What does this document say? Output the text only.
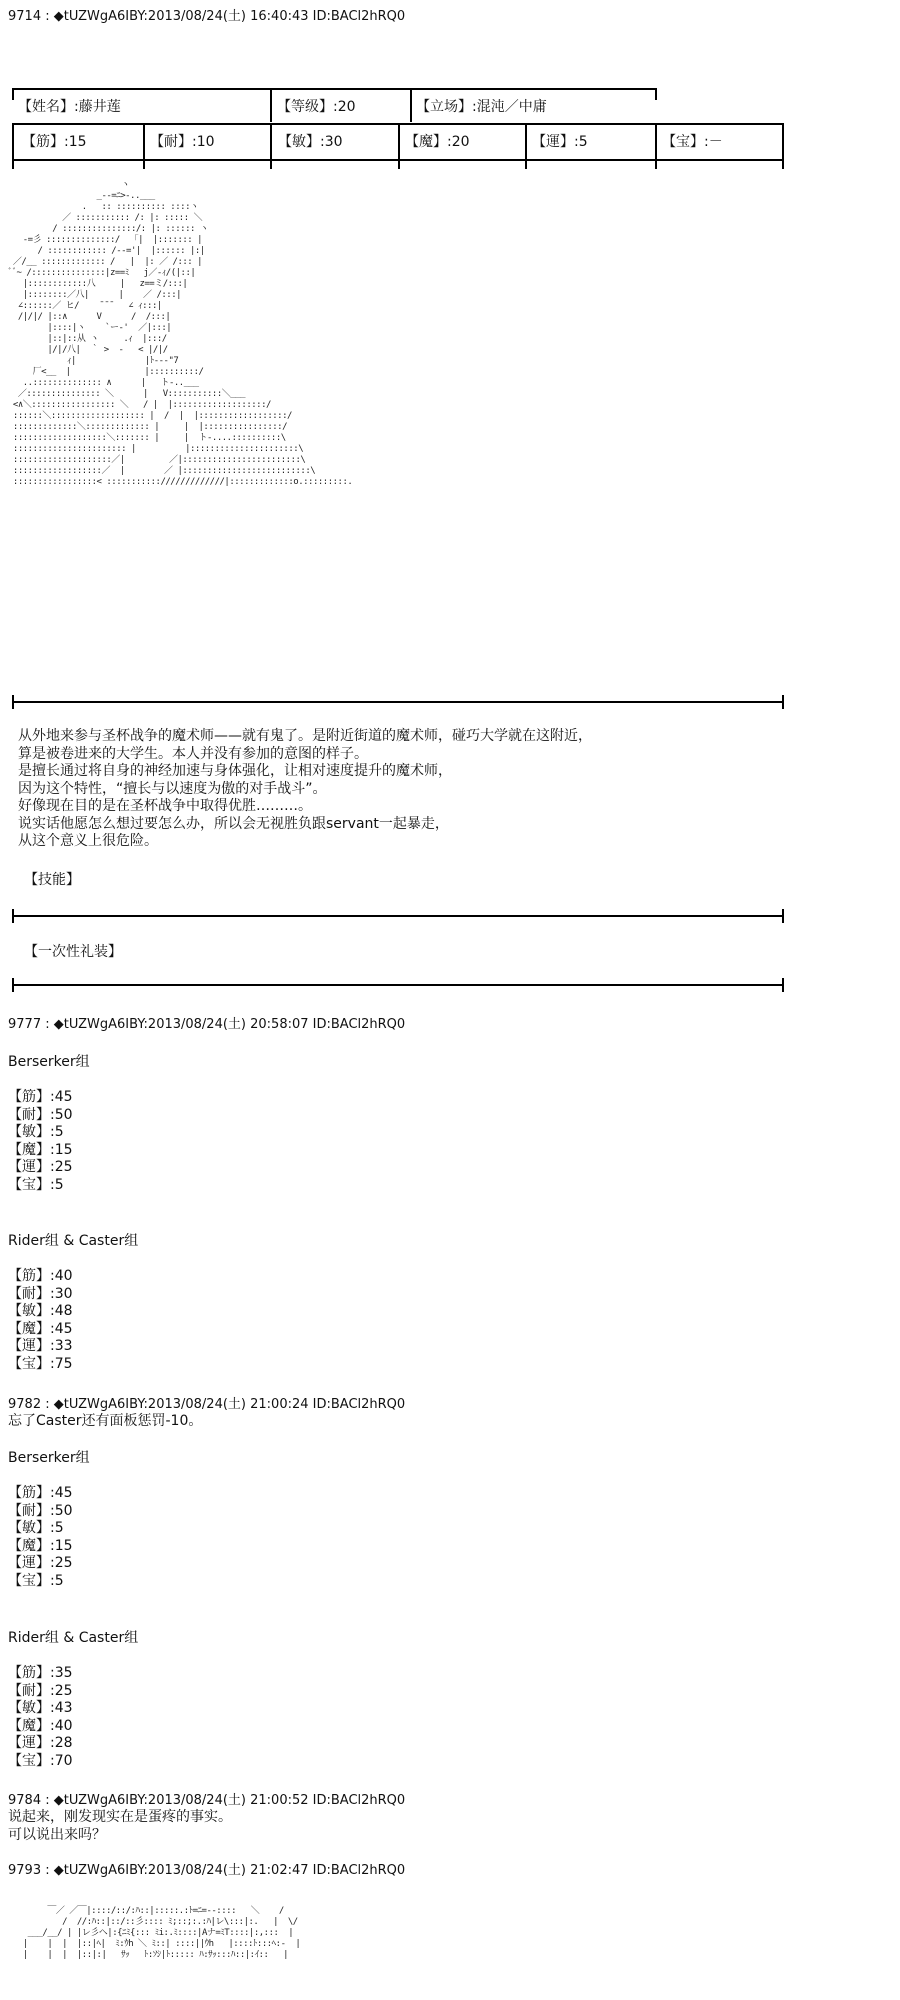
9714 : ◆tUZWgA6IBY:2013/08/24(土) 16:40:43 ID:BACl2hRQ0
【姓名】:藤井莲	【等级】:20	【立场】:混沌／中庸
【筋】:15	【耐】:10	【敏】:30	【魔】:20	【運】:5	【宝】:－
ヽ
_--=ﾆ>-..___
.   :: :::::::::: ::::ヽ
／ ::::::::::: /: |: ::::: ＼
/ :::::::::::::::/: |: :::::: ヽ
-=彡 ::::::::::::::/  「|  |::::::: |
/ :::::::::::: /--='|  |:::::: |:|
／/__ ::::::::::::: /   |  |: ／ /::: |
ﾞﾞ~ /:::::::::::::::|z==ﾐ   j／-ｨ/(|::|
|::::::::::::八     |   z==ミ/:::|
|::::::::／八|      |    ／ /:::|
∠::::::／ ヒ/    ̄ ̄ ̄    ∠ ｨ:::|
/|/|/ |::∧      V      /  /:::|
|::::|ヽ    `ー‐'  ／|:::|
|::|::从 ヽ     .ｨ  |:::/
|/|/八|  ｀ >  -   < |/|/
ｨ|              |ﾄ--‐"7
厂<__  |               |::::::::::/
..:::::::::::::: ∧      |   ト-..___
／::::::::::::::: ＼      |   V:::::::::::＼___
<∧＼::::::::::::::::: ＼   / |  |:::::::::::::::::::/
::::::＼::::::::::::::::::: |  /  |  |::::::::::::::::::/
:::::::::::::＼::::::::::::: |     |  |::::::::::::::::/
:::::::::::::::::::＼::::::: |     |  ト-....::::::::::\
::::::::::::::::::::::: |          |::::::::::::::::::::::\
::::::::::::::::::::／|         ／|::::::::::::::::::::::::\
::::::::::::::::::／  |        ／ |::::::::::::::::::::::::::\
:::::::::::::::::< ::::::::::://///////////|:::::::::::::o.:::::::::.
从外地来参与圣杯战争的魔术师——就有鬼了。是附近街道的魔术师，碰巧大学就在这附近，
算是被卷进来的大学生。本人并没有参加的意图的样子。
是擅长通过将自身的神经加速与身体强化，让相对速度提升的魔术师，
因为这个特性，“擅长与以速度为傲的对手战斗”。
好像现在目的是在圣杯战争中取得优胜………。
说实话他愿怎么想过要怎么办，所以会无视胜负跟servant一起暴走，
从这个意义上很危险。
【技能】
【一次性礼装】
9777 : ◆tUZWgA6IBY:2013/08/24(土) 20:58:07 ID:BACl2hRQ0
Berserker组
【筋】:45
【耐】:50
【敏】:5
【魔】:15
【運】:25
【宝】:5
Rider组 & Caster组
【筋】:40
【耐】:30
【敏】:48
【魔】:45
【運】:33
【宝】:75
9782 : ◆tUZWgA6IBY:2013/08/24(土) 21:00:24 ID:BACl2hRQ0
忘了Caster还有面板惩罚-10。
Berserker组
【筋】:45
【耐】:50
【敏】:5
【魔】:15
【運】:25
【宝】:5
Rider组 & Caster组
【筋】:35
【耐】:25
【敏】:43
【魔】:40
【運】:28
【宝】:70
9784 : ◆tUZWgA6IBY:2013/08/24(土) 21:00:52 ID:BACl2hRQ0
说起来，刚发现实在是蛋疼的事实。
可以说出来吗？
9793 : ◆tUZWgA6IBY:2013/08/24(土) 21:02:47 ID:BACl2hRQ0
￣／ ／￣|::::/::/:ﾊ::|:::::.:ﾄ=ﾆ=-‐::::   ＼    /
/  //:ﾊ::|::/::彡:::: ﾐ;::;:.:ﾊ|レ\:::|:.   |  \/
___/__/ | |レ彡ヘ|:{ﾆﾐ{::: ﾐi:.ﾐ::::|Aナ=ﾐT::::|:,:::  |
|    |  |  |::|ﾍ|  ﾐ:ｳh ＼ ﾐ::| ::::||ｳh   |::::ﾄ:::ﾍ:‐  |
|    |  |  |::|:|   ｻｯ   ﾄ:ｿｼ|ﾄ::::: ﾊ:ｻｯ:::ﾊ::|:ｲ::   |
